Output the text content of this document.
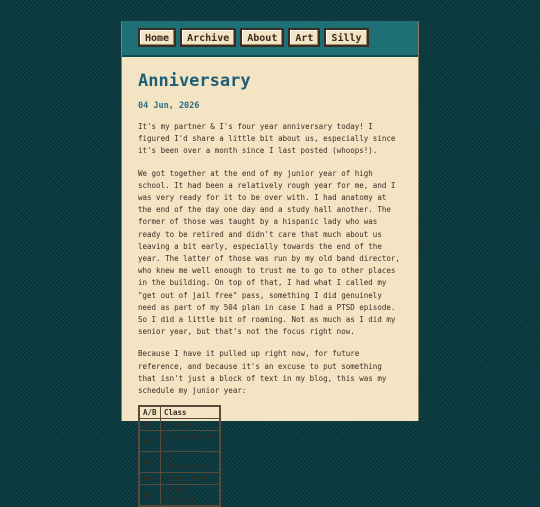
Home	Archive	About	Art	Silly
Anniversary
04 Jun, 2026

It's my partner & I's four year anniversary today! I figured I'd share a little bit about us, especially since it's been over a month since I last posted (whoops!).

We got together at the end of my junior year of high school. It had been a relatively rough year for me, and I was very ready for it to be over with. I had anatomy at the end of the day one day and a study hall another. The former of those was taught by a hispanic lady who was ready to be retired and didn't care that much about us leaving a bit early, especially towards the end of the year. The latter of those was run by my old band director, who knew me well enough to trust me to go to other places in the building. On top of that, I had what I called my "get out of jail free" pass, something I did genuinely need as part of my 504 plan in case I had a PTSD episode. So I did a little bit of roaming. Not as much as I did my senior year, but that's not the focus right now.

Because I have it pulled up right now, for future reference, and because it's an excuse to put something that isn't just a block of text in my blog, this was my schedule my junior year:

A/B	Class
A1	Economics
A2	Photography I
A3	AP Statistics*
A4	Study Hall
B1	AP US History
